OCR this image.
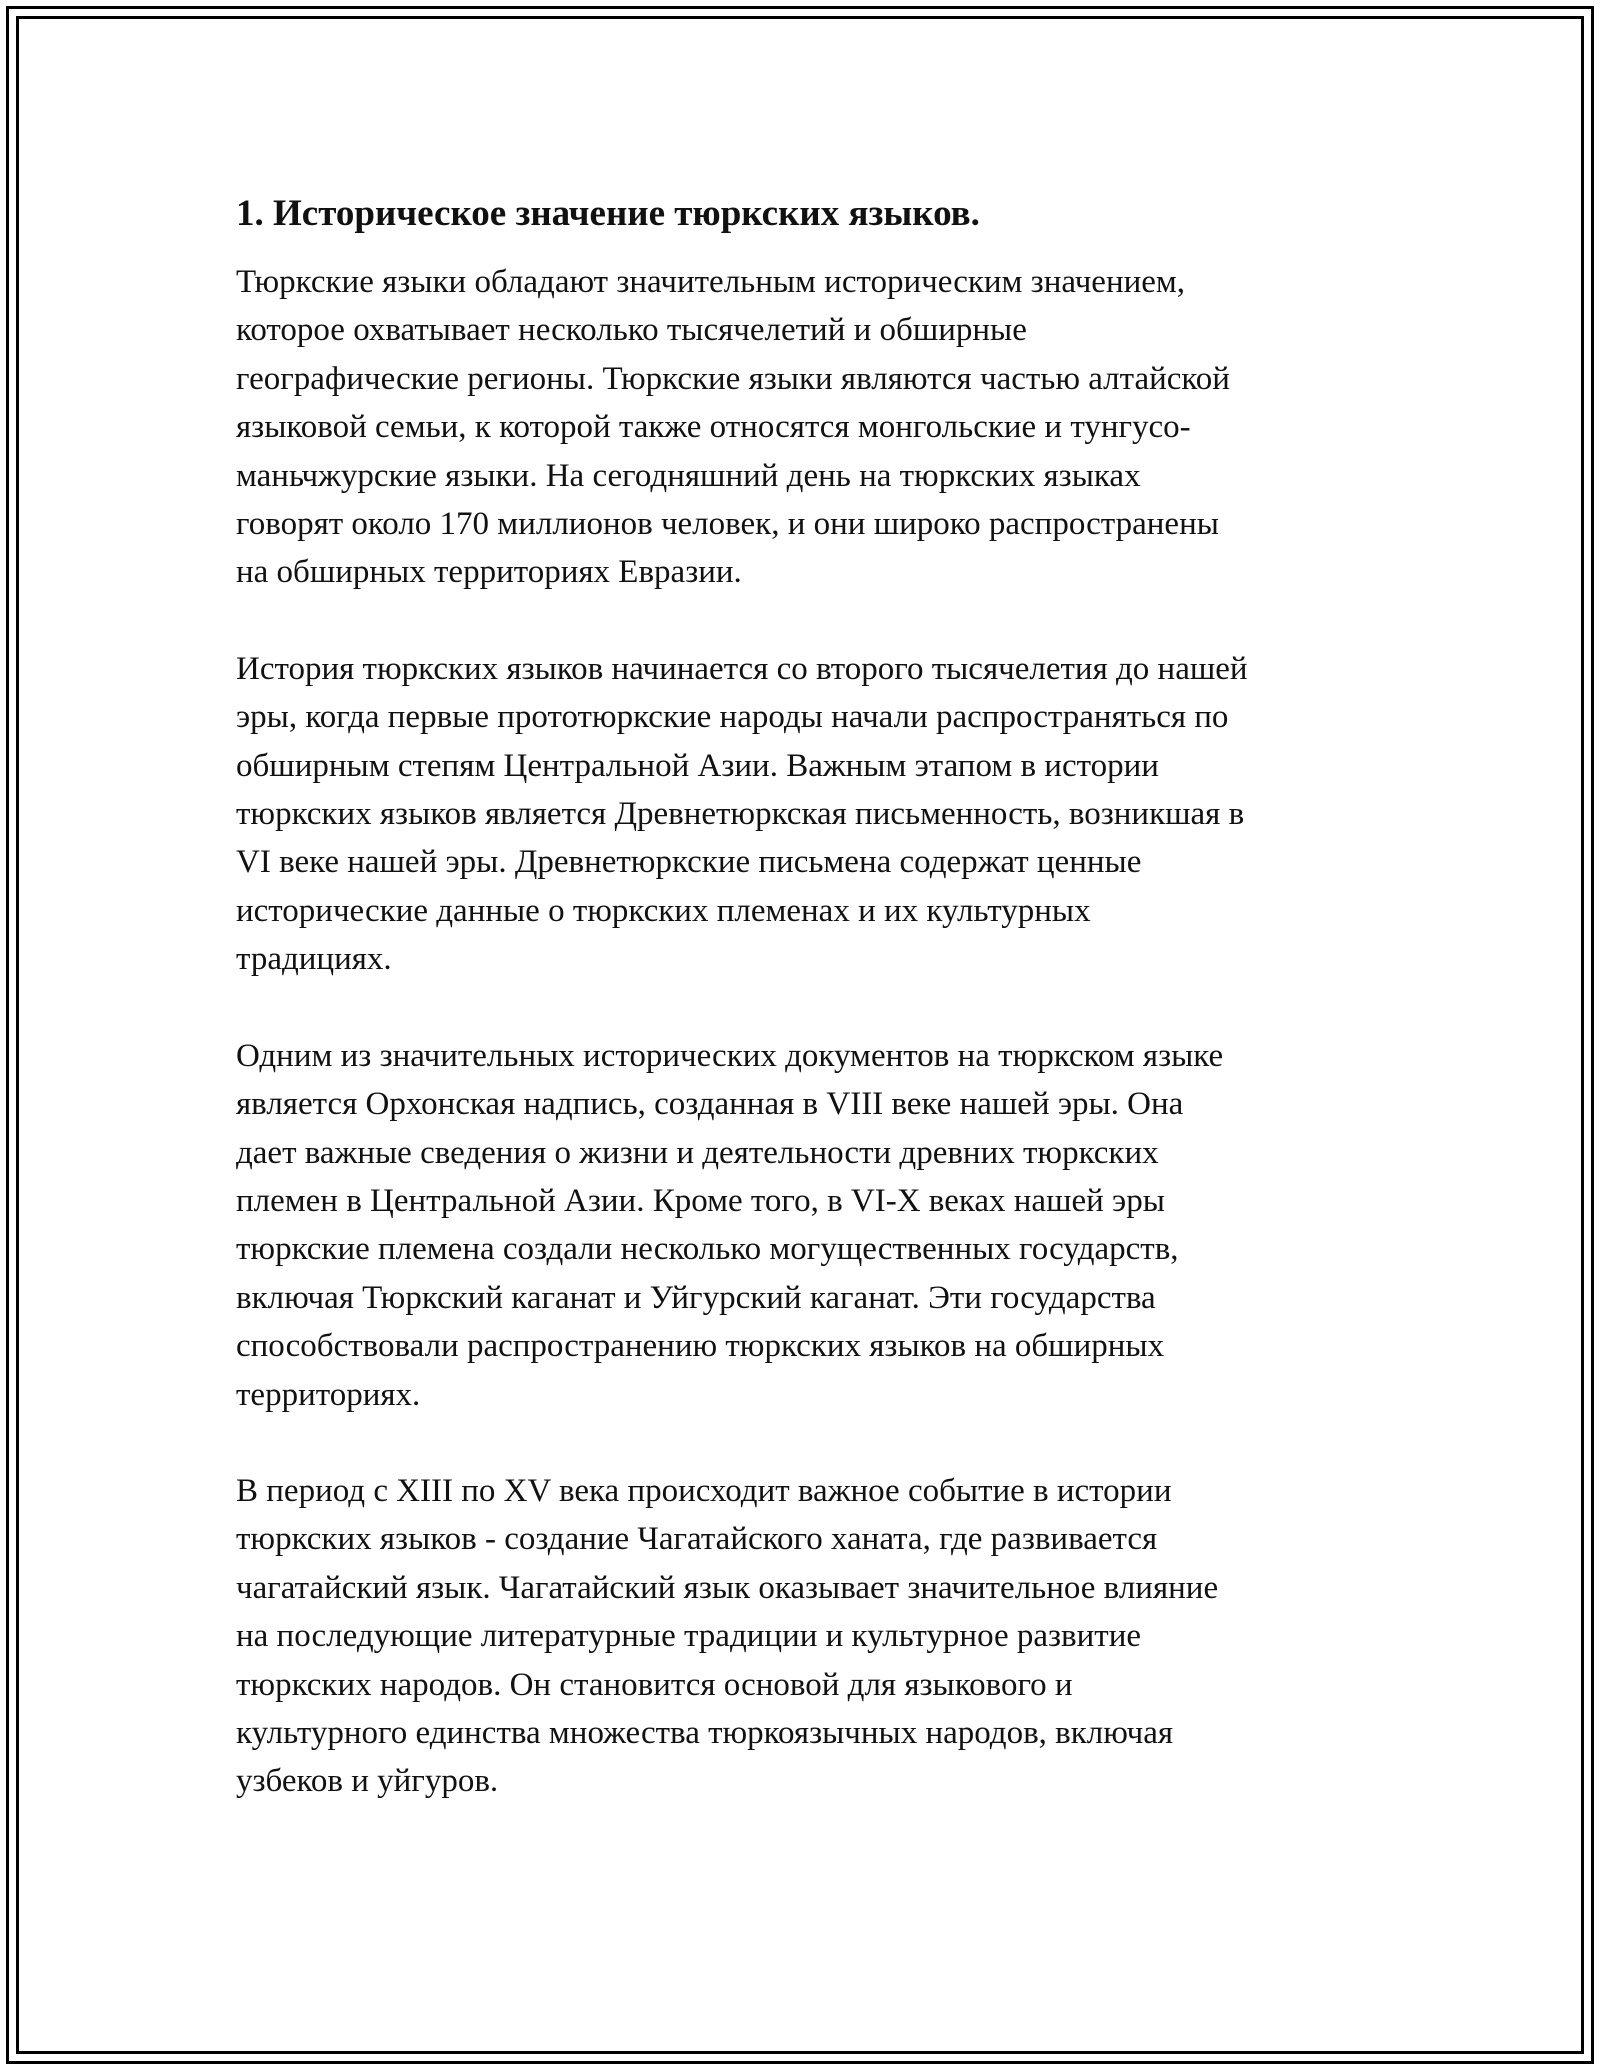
1. Историческое значение тюркских языков.

Тюркские языки обладают значительным историческим значением,
которое охватывает несколько тысячелетий и обширные
географические регионы. Тюркские языки являются частью алтайской
языковой семьи, к которой также относятся монгольские и тунгусо-
маньчжурские языки. На сегодняшний день на тюркских языках
говорят около 170 миллионов человек, и они широко распространены
на обширных территориях Евразии.

История тюркских языков начинается со второго тысячелетия до нашей
эры, когда первые прототюркские народы начали распространяться по
обширным степям Центральной Азии. Важным этапом в истории
тюркских языков является Древнетюркская письменность, возникшая в
VI веке нашей эры. Древнетюркские письмена содержат ценные
исторические данные о тюркских племенах и их культурных
традициях.

Одним из значительных исторических документов на тюркском языке
является Орхонская надпись, созданная в VIII веке нашей эры. Она
дает важные сведения о жизни и деятельности древних тюркских
племен в Центральной Азии. Кроме того, в VI-X веках нашей эры
тюркские племена создали несколько могущественных государств,
включая Тюркский каганат и Уйгурский каганат. Эти государства
способствовали распространению тюркских языков на обширных
территориях.

В период с XIII по XV века происходит важное событие в истории
тюркских языков - создание Чагатайского ханата, где развивается
чагатайский язык. Чагатайский язык оказывает значительное влияние
на последующие литературные традиции и культурное развитие
тюркских народов. Он становится основой для языкового и
культурного единства множества тюркоязычных народов, включая
узбеков и уйгуров.
